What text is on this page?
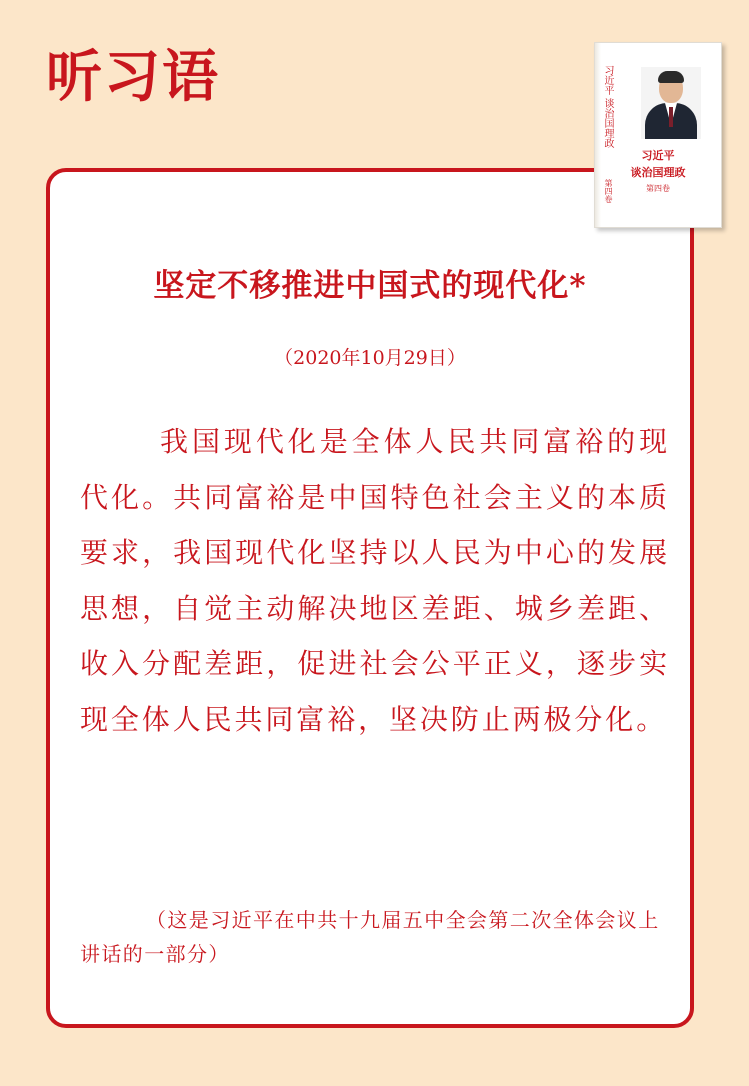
听习语	习近平 谈治国理政
第四卷
习近平
谈治国理政
第四卷
坚定不移推进中国式的现代化*

（2020年10月29日）

我国现代化是全体人民共同富裕的现代化。共同富裕是中国特色社会主义的本质要求，我国现代化坚持以人民为中心的发展思想，自觉主动解决地区差距、城乡差距、收入分配差距，促进社会公平正义，逐步实现全体人民共同富裕，坚决防止两极分化。

（这是习近平在中共十九届五中全会第二次全体会议上讲话的一部分）
